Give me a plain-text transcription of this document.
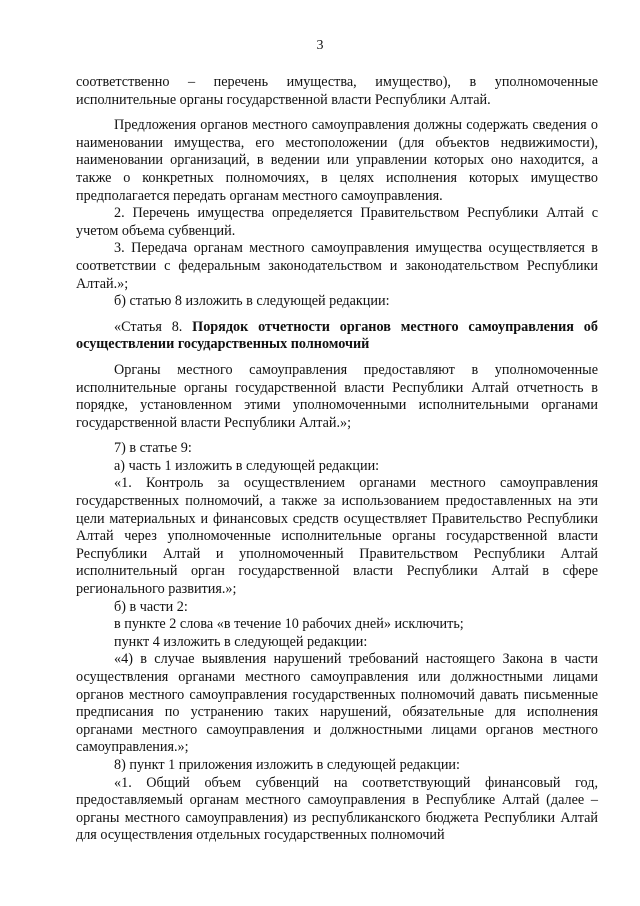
3

соответственно – перечень имущества, имущество), в уполномоченные исполнительные органы государственной власти Республики Алтай.

Предложения органов местного самоуправления должны содержать сведения о наименовании имущества, его местоположении (для объектов недвижимости), наименовании организаций, в ведении или управлении которых оно находится, а также о конкретных полномочиях, в целях исполнения которых имущество предполагается передать органам местного самоуправления.

2. Перечень имущества определяется Правительством Республики Алтай с учетом объема субвенций.

3. Передача органам местного самоуправления имущества осуществляется в соответствии с федеральным законодательством и законодательством Республики Алтай.»;

б) статью 8 изложить в следующей редакции:

«Статья 8. Порядок отчетности органов местного самоуправления об осуществлении государственных полномочий

Органы местного самоуправления предоставляют в уполномоченные исполнительные органы государственной власти Республики Алтай отчетность в порядке, установленном этими уполномоченными исполнительными органами государственной власти Республики Алтай.»;

7) в статье 9:

а) часть 1 изложить в следующей редакции:

«1. Контроль за осуществлением органами местного самоуправления государственных полномочий, а также за использованием предоставленных на эти цели материальных и финансовых средств осуществляет Правительство Республики Алтай через уполномоченные исполнительные органы государственной власти Республики Алтай и уполномоченный Правительством Республики Алтай исполнительный орган государственной власти Республики Алтай в сфере регионального развития.»;

б) в части 2:

в пункте 2 слова «в течение 10 рабочих дней» исключить;

пункт 4 изложить в следующей редакции:

«4) в случае выявления нарушений требований настоящего Закона в части осуществления органами местного самоуправления или должностными лицами органов местного самоуправления государственных полномочий давать письменные предписания по устранению таких нарушений, обязательные для исполнения органами местного самоуправления и должностными лицами органов местного самоуправления.»;

8) пункт 1 приложения изложить в следующей редакции:

«1. Общий объем субвенций на соответствующий финансовый год, предоставляемый органам местного самоуправления в Республике Алтай (далее – органы местного самоуправления) из республиканского бюджета Республики Алтай для осуществления отдельных государственных полномочий
